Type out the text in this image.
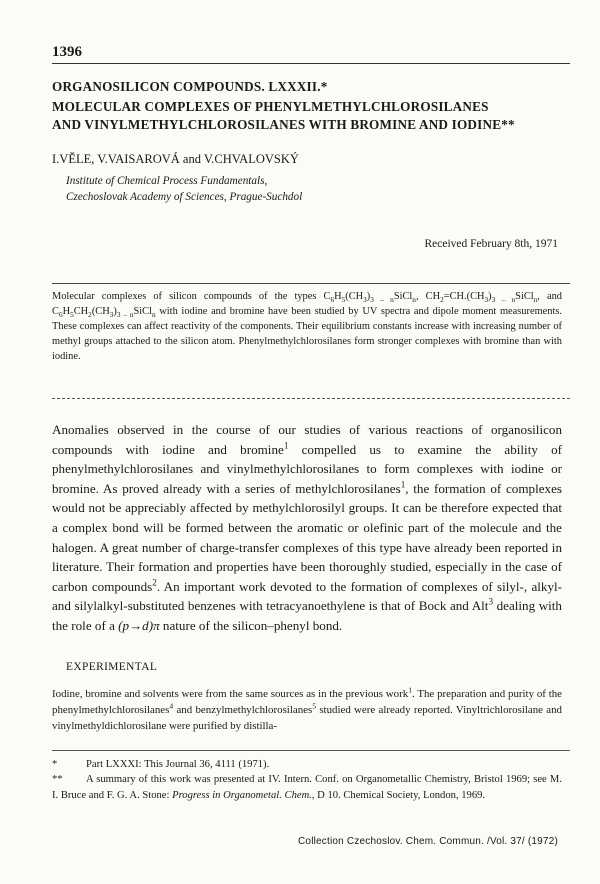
1396

ORGANOSILICON COMPOUNDS. LXXXII.*

MOLECULAR COMPLEXES OF PHENYLMETHYLCHLOROSILANES

AND VINYLMETHYLCHLOROSILANES WITH BROMINE AND IODINE**

I.VĚLE, V.VAISAROVÁ and V.CHVALOVSKÝ
Institute of Chemical Process Fundamentals,
Czechoslovak Academy of Sciences, Prague-Suchdol
Received February 8th, 1971

Molecular complexes of silicon compounds of the types $C_6H_5(CH_3)_{3 - n}SiCl_n$, $CH_2=CH.(CH_3)_{3 - n}SiCl_n$, and $C_6H_5CH_2(CH_3)_{3 - n}SiCl_n$ with iodine and bromine have been studied by UV spectra and dipole moment measurements. These complexes can affect reactivity of the components. Their equilibrium constants increase with increasing number of methyl groups attached to the silicon atom. Phenylmethylchlorosilanes form stronger complexes with bromine than with iodine.

Anomalies observed in the course of our studies of various reactions of organosilicon compounds with iodine and bromine$^1$ compelled us to examine the ability of phenylmethylchlorosilanes and vinylmethylchlorosilanes to form complexes with iodine or bromine. As proved already with a series of methylchlorosilanes$^1$, the formation of complexes would not be appreciably affected by methylchlorosilyl groups. It can be therefore expected that a complex bond will be formed between the aromatic or olefinic part of the molecule and the halogen. A great number of charge-transfer complexes of this type have already been reported in literature. Their formation and properties have been thoroughly studied, especially in the case of carbon compounds$^2$. An important work devoted to the formation of complexes of silyl-, alkyl- and silylalkyl-substituted benzenes with tetracyanoethylene is that of Bock and Alt$^3$ dealing with the role of a (p→d)π nature of the silicon–phenyl bond.

EXPERIMENTAL

Iodine, bromine and solvents were from the same sources as in the previous work$^1$. The preparation and purity of the phenylmethylchlorosilanes$^4$ and benzylmethylchlorosilanes$^5$ studied were already reported. Vinyltrichlorosilane and vinylmethyldichlorosilane were purified by distilla-

*	Part LXXXI: This Journal 36, 4111 (1971).

** A summary of this work was presented at IV. Intern. Conf. on Organometallic Chemistry, Bristol 1969; see M. I. Bruce and F. G. A. Stone: Progress in Organometal. Chem., D 10. Chemical Society, London, 1969.

Collection Czechoslov. Chem. Commun. /Vol. 37/ (1972)
